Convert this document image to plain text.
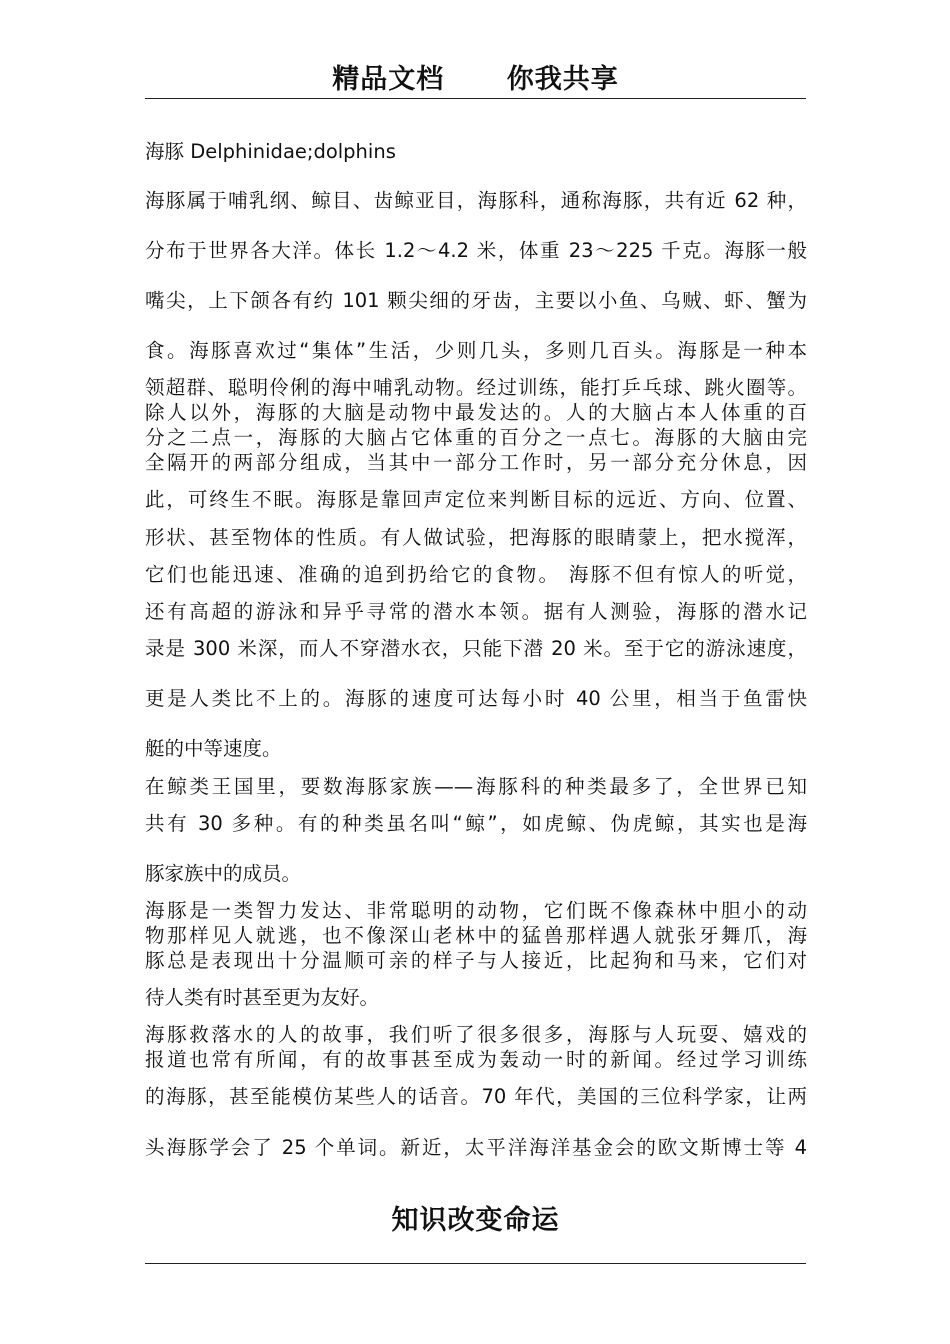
精品文档      你我共享
海豚 Delphinidae;dolphins
海豚属于哺乳纲、鲸目、齿鲸亚目，海豚科，通称海豚，共有近 62 种，
分布于世界各大洋。体长 1.2～4.2 米，体重 23～225 千克。海豚一般
嘴尖，上下颌各有约 101 颗尖细的牙齿，主要以小鱼、乌贼、虾、蟹为
食。海豚喜欢过“集体”生活，少则几头，多则几百头。海豚是一种本
领超群、聪明伶俐的海中哺乳动物。经过训练，能打乒乓球、跳火圈等。
除人以外，海豚的大脑是动物中最发达的。人的大脑占本人体重的百
分之二点一，海豚的大脑占它体重的百分之一点七。海豚的大脑由完
全隔开的两部分组成，当其中一部分工作时，另一部分充分休息，因
此，可终生不眠。海豚是靠回声定位来判断目标的远近、方向、位置、
形状、甚至物体的性质。有人做试验，把海豚的眼睛蒙上，把水搅浑，
它们也能迅速、准确的追到扔给它的食物。 海豚不但有惊人的听觉，
还有高超的游泳和异乎寻常的潜水本领。据有人测验，海豚的潜水记
录是 300 米深，而人不穿潜水衣，只能下潜 20 米。至于它的游泳速度，
更是人类比不上的。海豚的速度可达每小时 40 公里，相当于鱼雷快
艇的中等速度。
在鲸类王国里，要数海豚家族——海豚科的种类最多了，全世界已知
共有 30 多种。有的种类虽名叫“鲸”，如虎鲸、伪虎鲸，其实也是海
豚家族中的成员。
海豚是一类智力发达、非常聪明的动物，它们既不像森林中胆小的动
物那样见人就逃，也不像深山老林中的猛兽那样遇人就张牙舞爪，海
豚总是表现出十分温顺可亲的样子与人接近，比起狗和马来，它们对
待人类有时甚至更为友好。
海豚救落水的人的故事，我们听了很多很多，海豚与人玩耍、嬉戏的
报道也常有所闻，有的故事甚至成为轰动一时的新闻。经过学习训练
的海豚，甚至能模仿某些人的话音。70 年代，美国的三位科学家，让两
头海豚学会了 25 个单词。新近，太平洋海洋基金会的欧文斯博士等 4
知识改变命运
